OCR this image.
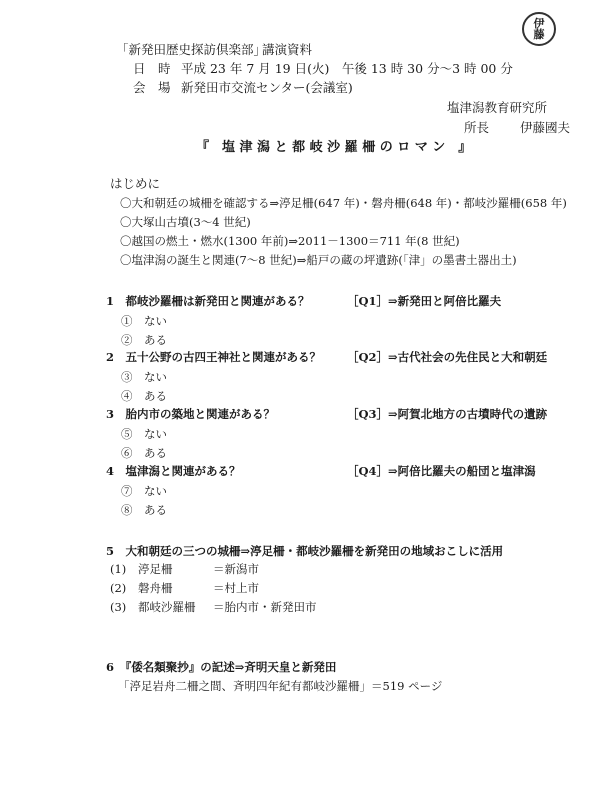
「新発田歴史探訪倶楽部」
講演資料
日　時 平成 23 年 7 月 19 日(火)　午後 13 時 30 分～3 時 00 分
会　場 新発田市交流センター(会議室)
伊
藤
塩津潟教育研究所
所長 伊藤國夫
『　塩 津 潟 と 都 岐 沙 羅 柵 の ロ マ ン　』
はじめに
〇大和朝廷の城柵を確認する⇒渟足柵(647 年)・磐舟柵(648 年)・都岐沙羅柵(658 年)
〇大塚山古墳(3～4 世紀)
〇越国の燃土・燃水(1300 年前)⇒2011－1300＝711 年(8 世紀)
〇塩津潟の誕生と関連(7～8 世紀)⇒船戸の蔵の坪遺跡(「津」の墨書土器出土)
1　都岐沙羅柵は新発田と関連がある？
①　ない
②　ある
［Q1］⇒新発田と阿倍比羅夫
2　五十公野の古四王神社と関連がある？
③　ない
④　ある
［Q2］⇒古代社会の先住民と大和朝廷
3　胎内市の築地と関連がある？
⑤　ない
⑥　ある
［Q3］⇒阿賀北地方の古墳時代の遺跡
4　塩津潟と関連がある？
⑦　ない
⑧　ある
［Q4］⇒阿倍比羅夫の船団と塩津潟
5　大和朝廷の三つの城柵⇒渟足柵・都岐沙羅柵を新発田の地域おこしに活用
(1) 渟足柵	＝新潟市
(2) 磐舟柵	＝村上市
(3) 都岐沙羅柵 ＝胎内市・新発田市
6　『倭名類聚抄』の記述⇒斉明天皇と新発田
「渟足岩舟二柵之間、斉明四年紀有都岐沙羅柵」＝519 ページ
